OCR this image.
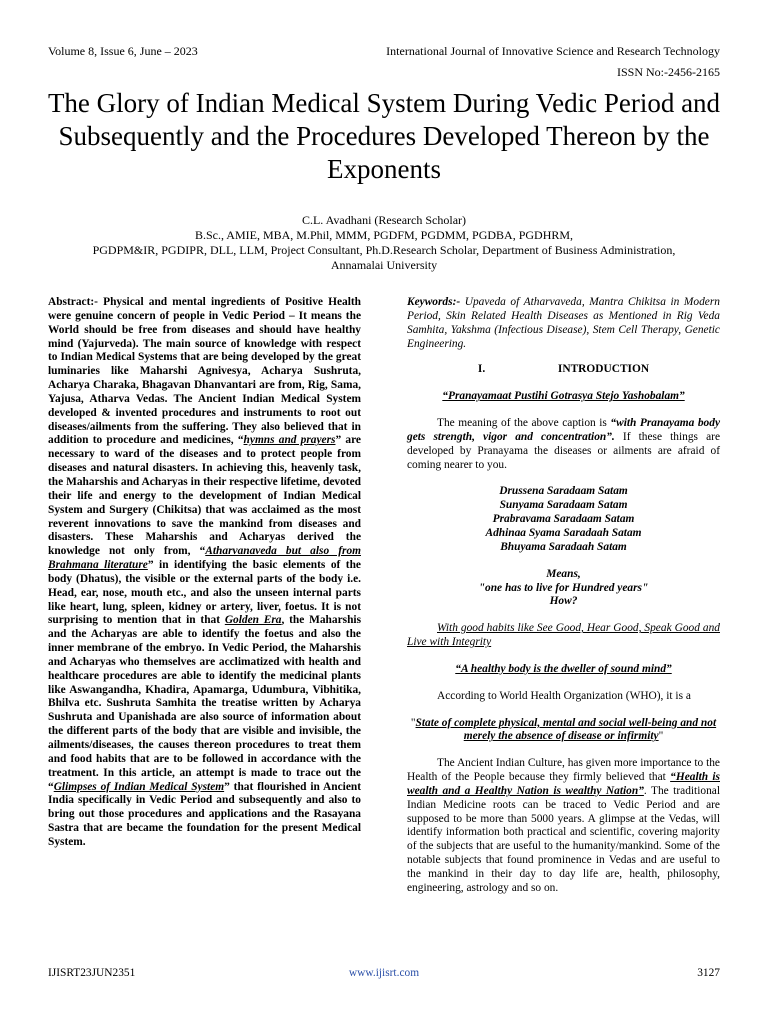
Volume 8, Issue 6, June – 2023	International Journal of Innovative Science and Research Technology
ISSN No:-2456-2165
The Glory of Indian Medical System During Vedic Period and Subsequently and the Procedures Developed Thereon by the Exponents
C.L. Avadhani (Research Scholar)
B.Sc., AMIE, MBA, M.Phil, MMM, PGDFM, PGDMM, PGDBA, PGDHRM,
PGDPM&IR, PGDIPR, DLL, LLM, Project Consultant, Ph.D.Research Scholar, Department of Business Administration,
Annamalai University

Abstract:- Physical and mental ingredients of Positive Health were genuine concern of people in Vedic Period – It means the World should be free from diseases and should have healthy mind (Yajurveda). The main source of knowledge with respect to Indian Medical Systems that are being developed by the great luminaries like Maharshi Agnivesya, Acharya Sushruta, Acharya Charaka, Bhagavan Dhanvantari are from, Rig, Sama, Yajusa, Atharva Vedas. The Ancient Indian Medical System developed & invented procedures and instruments to root out diseases/ailments from the suffering. They also believed that in addition to procedure and medicines, “hymns and prayers” are necessary to ward of the diseases and to protect people from diseases and natural disasters. In achieving this, heavenly task, the Maharshis and Acharyas in their respective lifetime, devoted their life and energy to the development of Indian Medical System and Surgery (Chikitsa) that was acclaimed as the most reverent innovations to save the mankind from diseases and disasters. These Maharshis and Acharyas derived the knowledge not only from, “Atharvanaveda but also from Brahmana literature” in identifying the basic elements of the body (Dhatus), the visible or the external parts of the body i.e. Head, ear, nose, mouth etc., and also the unseen internal parts like heart, lung, spleen, kidney or artery, liver, foetus. It is not surprising to mention that in that Golden Era, the Maharshis and the Acharyas are able to identify the foetus and also the inner membrane of the embryo. In Vedic Period, the Maharshis and Acharyas who themselves are acclimatized with health and healthcare procedures are able to identify the medicinal plants like Aswangandha, Khadira, Apamarga, Udumbura, Vibhitika, Bhilva etc. Sushruta Samhita the treatise written by Acharya Sushruta and Upanishada are also source of information about the different parts of the body that are visible and invisible, the ailments/diseases, the causes thereon procedures to treat them and food habits that are to be followed in accordance with the treatment. In this article, an attempt is made to trace out the “Glimpses of Indian Medical System” that flourished in Ancient India specifically in Vedic Period and subsequently and also to bring out those procedures and applications and the Rasayana Sastra that are became the foundation for the present Medical System.

Keywords:- Upaveda of Atharvaveda, Mantra Chikitsa in Modern Period, Skin Related Health Diseases as Mentioned in Rig Veda Samhita, Yakshma (Infectious Disease), Stem Cell Therapy, Genetic Engineering.

I.	INTRODUCTION

“Pranayamaat Pustihi Gotrasya Stejo Yashobalam”

The meaning of the above caption is “with Pranayama body gets strength, vigor and concentration”. If these things are developed by Pranayama the diseases or ailments are afraid of coming nearer to you.

Drussena Saradaam Satam
Sunyama Saradaam Satam
Prabravama Saradaam Satam
Adhinaa Syama Saradaah Satam
Bhuyama Saradaah Satam
Means,
"one has to live for Hundred years"
How?

With good habits like See Good, Hear Good, Speak Good and Live with Integrity

“A healthy body is the dweller of sound mind”

According to World Health Organization (WHO), it is a

"State of complete physical, mental and social well-being and not merely the absence of disease or infirmity"

The Ancient Indian Culture, has given more importance to the Health of the People because they firmly believed that “Health is wealth and a Healthy Nation is wealthy Nation”. The traditional Indian Medicine roots can be traced to Vedic Period and are supposed to be more than 5000 years. A glimpse at the Vedas, will identify information both practical and scientific, covering majority of the subjects that are useful to the humanity/mankind. Some of the notable subjects that found prominence in Vedas and are useful to the mankind in their day to day life are, health, philosophy, engineering, astrology and so on.

IJISRT23JUN2351	www.ijisrt.com	3127
